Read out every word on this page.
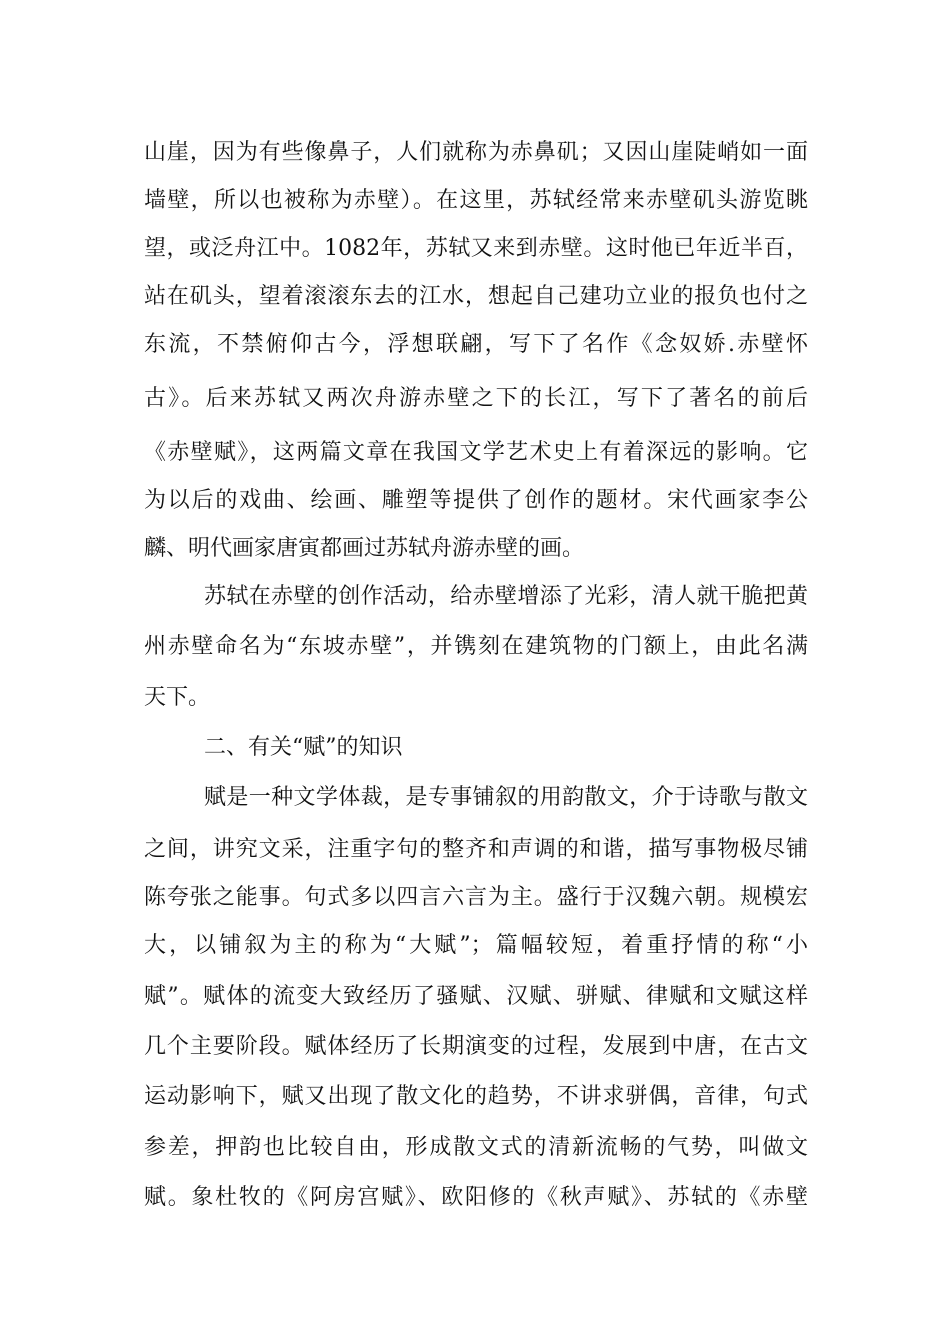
山崖，因为有些像鼻子，人们就称为赤鼻矶；又因山崖陡峭如一面
墙壁，所以也被称为赤壁）。在这里，苏轼经常来赤壁矶头游览眺
望，或泛舟江中。1082年，苏轼又来到赤壁。这时他已年近半百，
站在矶头，望着滚滚东去的江水，想起自己建功立业的报负也付之
东流，不禁俯仰古今，浮想联翩，写下了名作《念奴娇.赤壁怀
古》。后来苏轼又两次舟游赤壁之下的长江，写下了著名的前后
《赤壁赋》，这两篇文章在我国文学艺术史上有着深远的影响。它
为以后的戏曲、绘画、雕塑等提供了创作的题材。宋代画家李公
麟、明代画家唐寅都画过苏轼舟游赤壁的画。
苏轼在赤壁的创作活动，给赤壁增添了光彩，清人就干脆把黄
州赤壁命名为“东坡赤壁”，并镌刻在建筑物的门额上，由此名满
天下。
二、有关“赋”的知识
赋是一种文学体裁，是专事铺叙的用韵散文，介于诗歌与散文
之间，讲究文采，注重字句的整齐和声调的和谐，描写事物极尽铺
陈夸张之能事。句式多以四言六言为主。盛行于汉魏六朝。规模宏
大，以铺叙为主的称为“大赋”；篇幅较短，着重抒情的称“小
赋”。赋体的流变大致经历了骚赋、汉赋、骈赋、律赋和文赋这样
几个主要阶段。赋体经历了长期演变的过程，发展到中唐，在古文
运动影响下，赋又出现了散文化的趋势，不讲求骈偶，音律，句式
参差，押韵也比较自由，形成散文式的清新流畅的气势，叫做文
赋。象杜牧的《阿房宫赋》、欧阳修的《秋声赋》、苏轼的《赤壁
